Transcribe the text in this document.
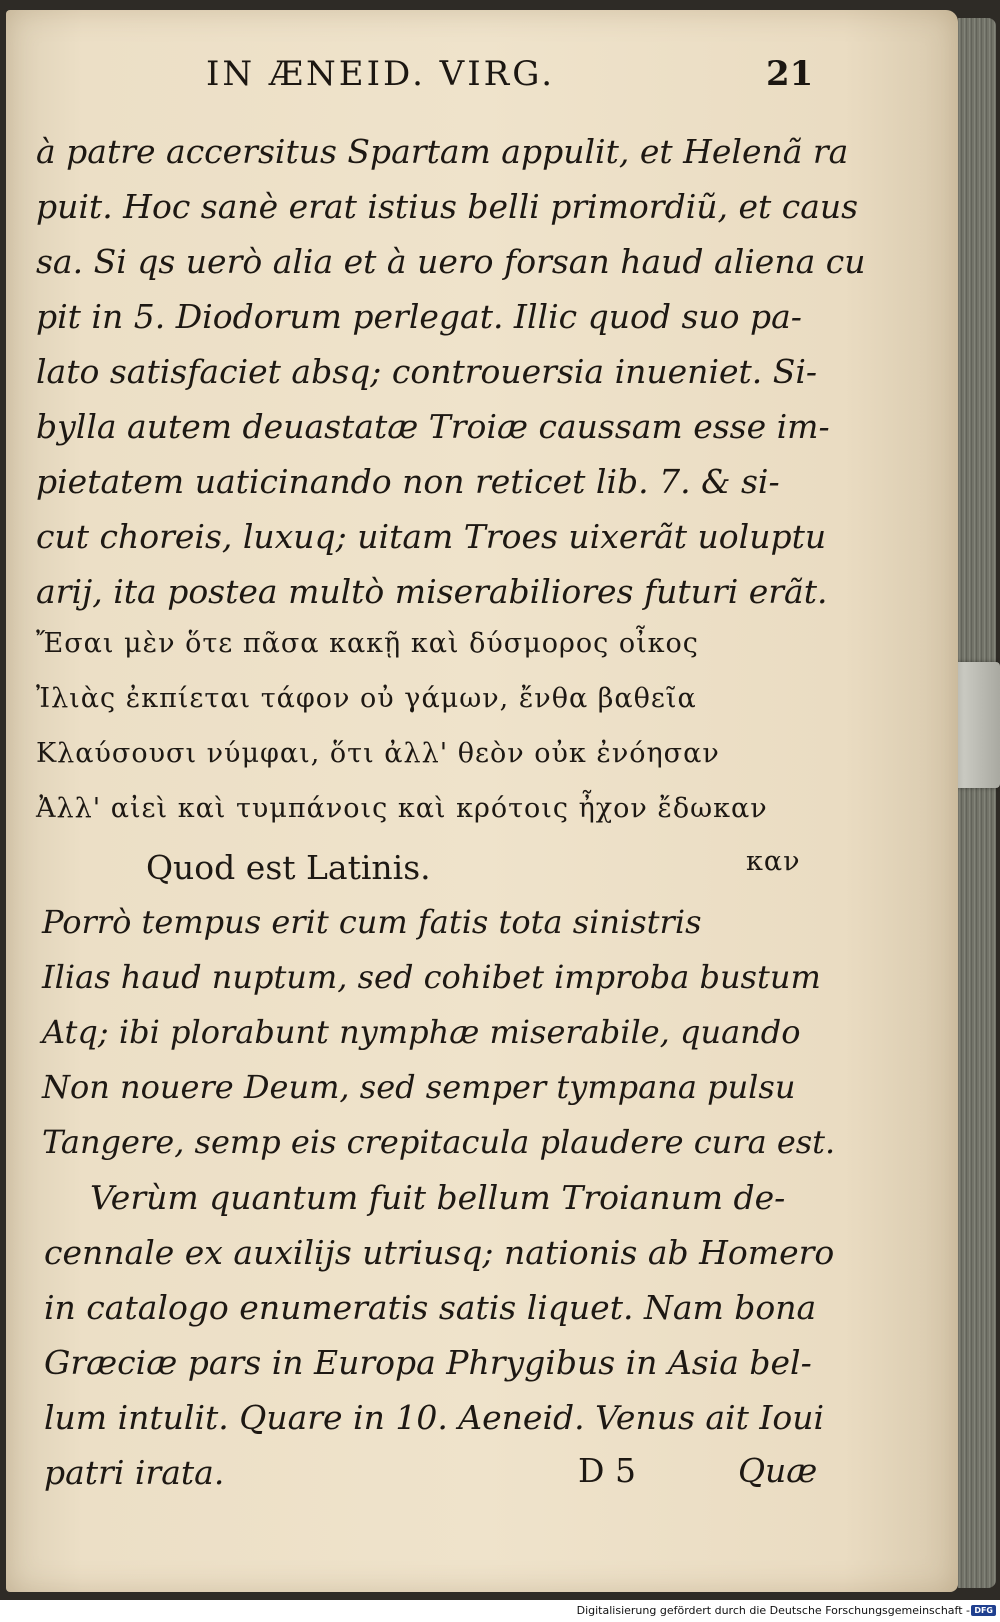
IN ÆNEID. VIRG.	21
à patre accersitus Spartam appulit, et Helenã ra
puit. Hoc sanè erat istius belli primordiũ, et caus
sa. Si qs uerò alia et à uero forsan haud aliena cu
pit in 5. Diodorum perlegat. Illic quod suo pa-
lato satisfaciet absq; controuersia inueniet. Si-
bylla autem deuastatæ Troiæ caussam esse im-
pietatem uaticinando non reticet lib. 7. & si-
cut choreis, luxuq; uitam Troes uixerãt uoluptu
arij, ita postea multò miserabiliores futuri erãt.
Ἔσαι μὲν ὅτε πᾶσα κακῇ καὶ δύσμορος οἶκος
Ἰλιὰς ἐκπίεται τάφον οὐ γάμων, ἔνθα βαθεῖα
Κλαύσουσι νύμφαι, ὅτι ἀλλ' θεὸν οὐκ ἐνόησαν
Ἀλλ' αἰεὶ καὶ τυμπάνοις καὶ κρότοις ἦχον ἔδωκαν
Quod est Latinis.	καν
Porrò tempus erit cum fatis tota sinistris
Ilias haud nuptum, sed cohibet improba bustum
Atq; ibi plorabunt nymphæ miserabile, quando
Non nouere Deum, sed semper tympana pulsu
Tangere, semp eis crepitacula plaudere cura est.
Verùm quantum fuit bellum Troianum de-
cennale ex auxilijs utriusq; nationis ab Homero
in catalogo enumeratis satis liquet. Nam bona
Græciæ pars in Europa Phrygibus in Asia bel-
lum intulit. Quare in 10. Aeneid. Venus ait Ioui
patri irata.	D 5	Quæ
Digitalisierung gefördert durch die Deutsche Forschungsgemeinschaft - DFG
